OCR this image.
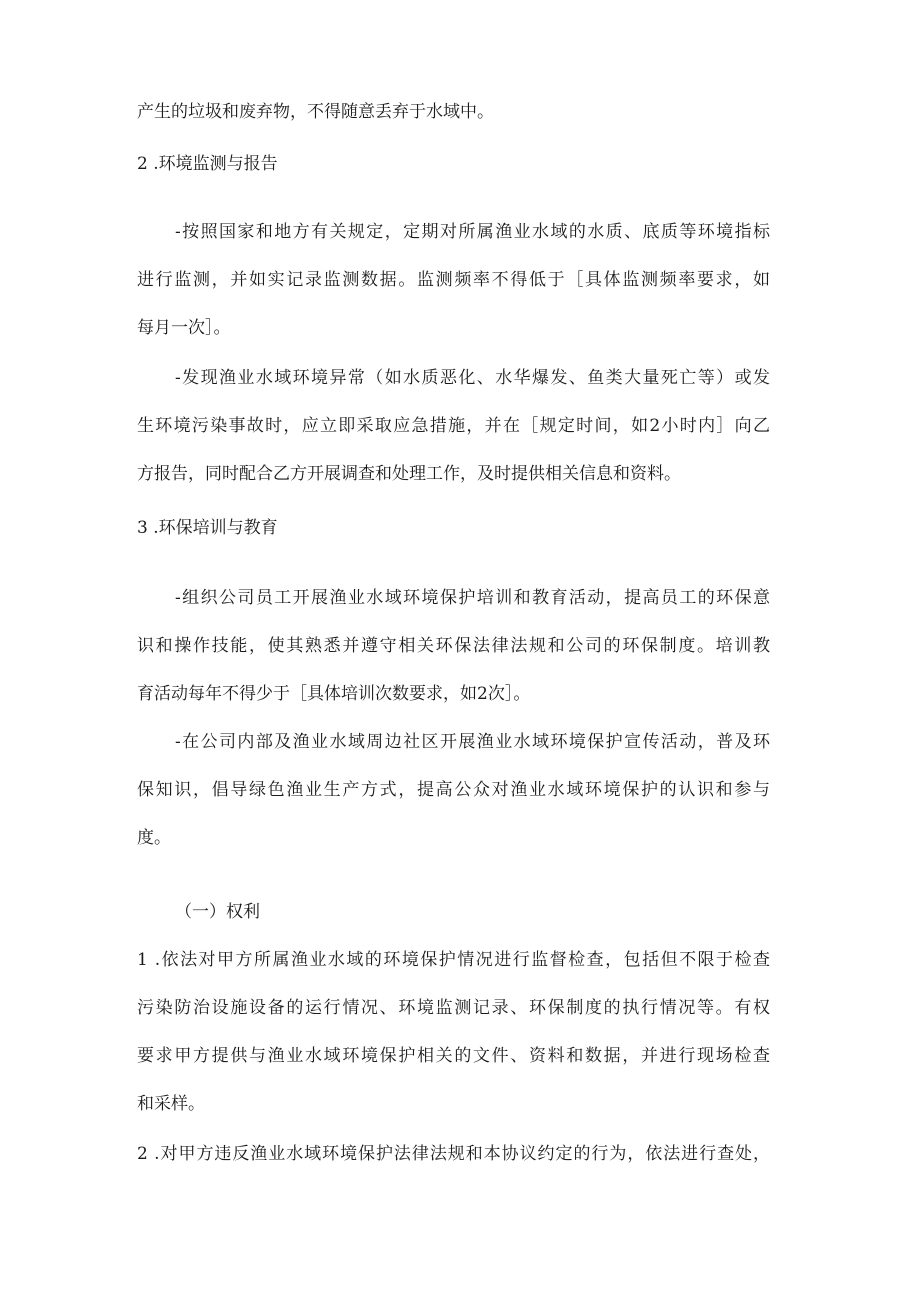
产生的垃圾和废弃物，不得随意丢弃于水域中。
2 .环境监测与报告
-按照国家和地方有关规定，定期对所属渔业水域的水质、底质等环境指标
进行监测，并如实记录监测数据。监测频率不得低于［具体监测频率要求，如
每月一次］。
-发现渔业水域环境异常（如水质恶化、水华爆发、鱼类大量死亡等）或发
生环境污染事故时，应立即采取应急措施，并在［规定时间，如2小时内］向乙
方报告，同时配合乙方开展调查和处理工作，及时提供相关信息和资料。
3 .环保培训与教育
-组织公司员工开展渔业水域环境保护培训和教育活动，提高员工的环保意
识和操作技能，使其熟悉并遵守相关环保法律法规和公司的环保制度。培训教
育活动每年不得少于［具体培训次数要求，如2次］。
-在公司内部及渔业水域周边社区开展渔业水域环境保护宣传活动，普及环
保知识，倡导绿色渔业生产方式，提高公众对渔业水域环境保护的认识和参与
度。
（一）权利
1 .依法对甲方所属渔业水域的环境保护情况进行监督检查，包括但不限于检查
污染防治设施设备的运行情况、环境监测记录、环保制度的执行情况等。有权
要求甲方提供与渔业水域环境保护相关的文件、资料和数据，并进行现场检查
和采样。
2 .对甲方违反渔业水域环境保护法律法规和本协议约定的行为，依法进行查处，
